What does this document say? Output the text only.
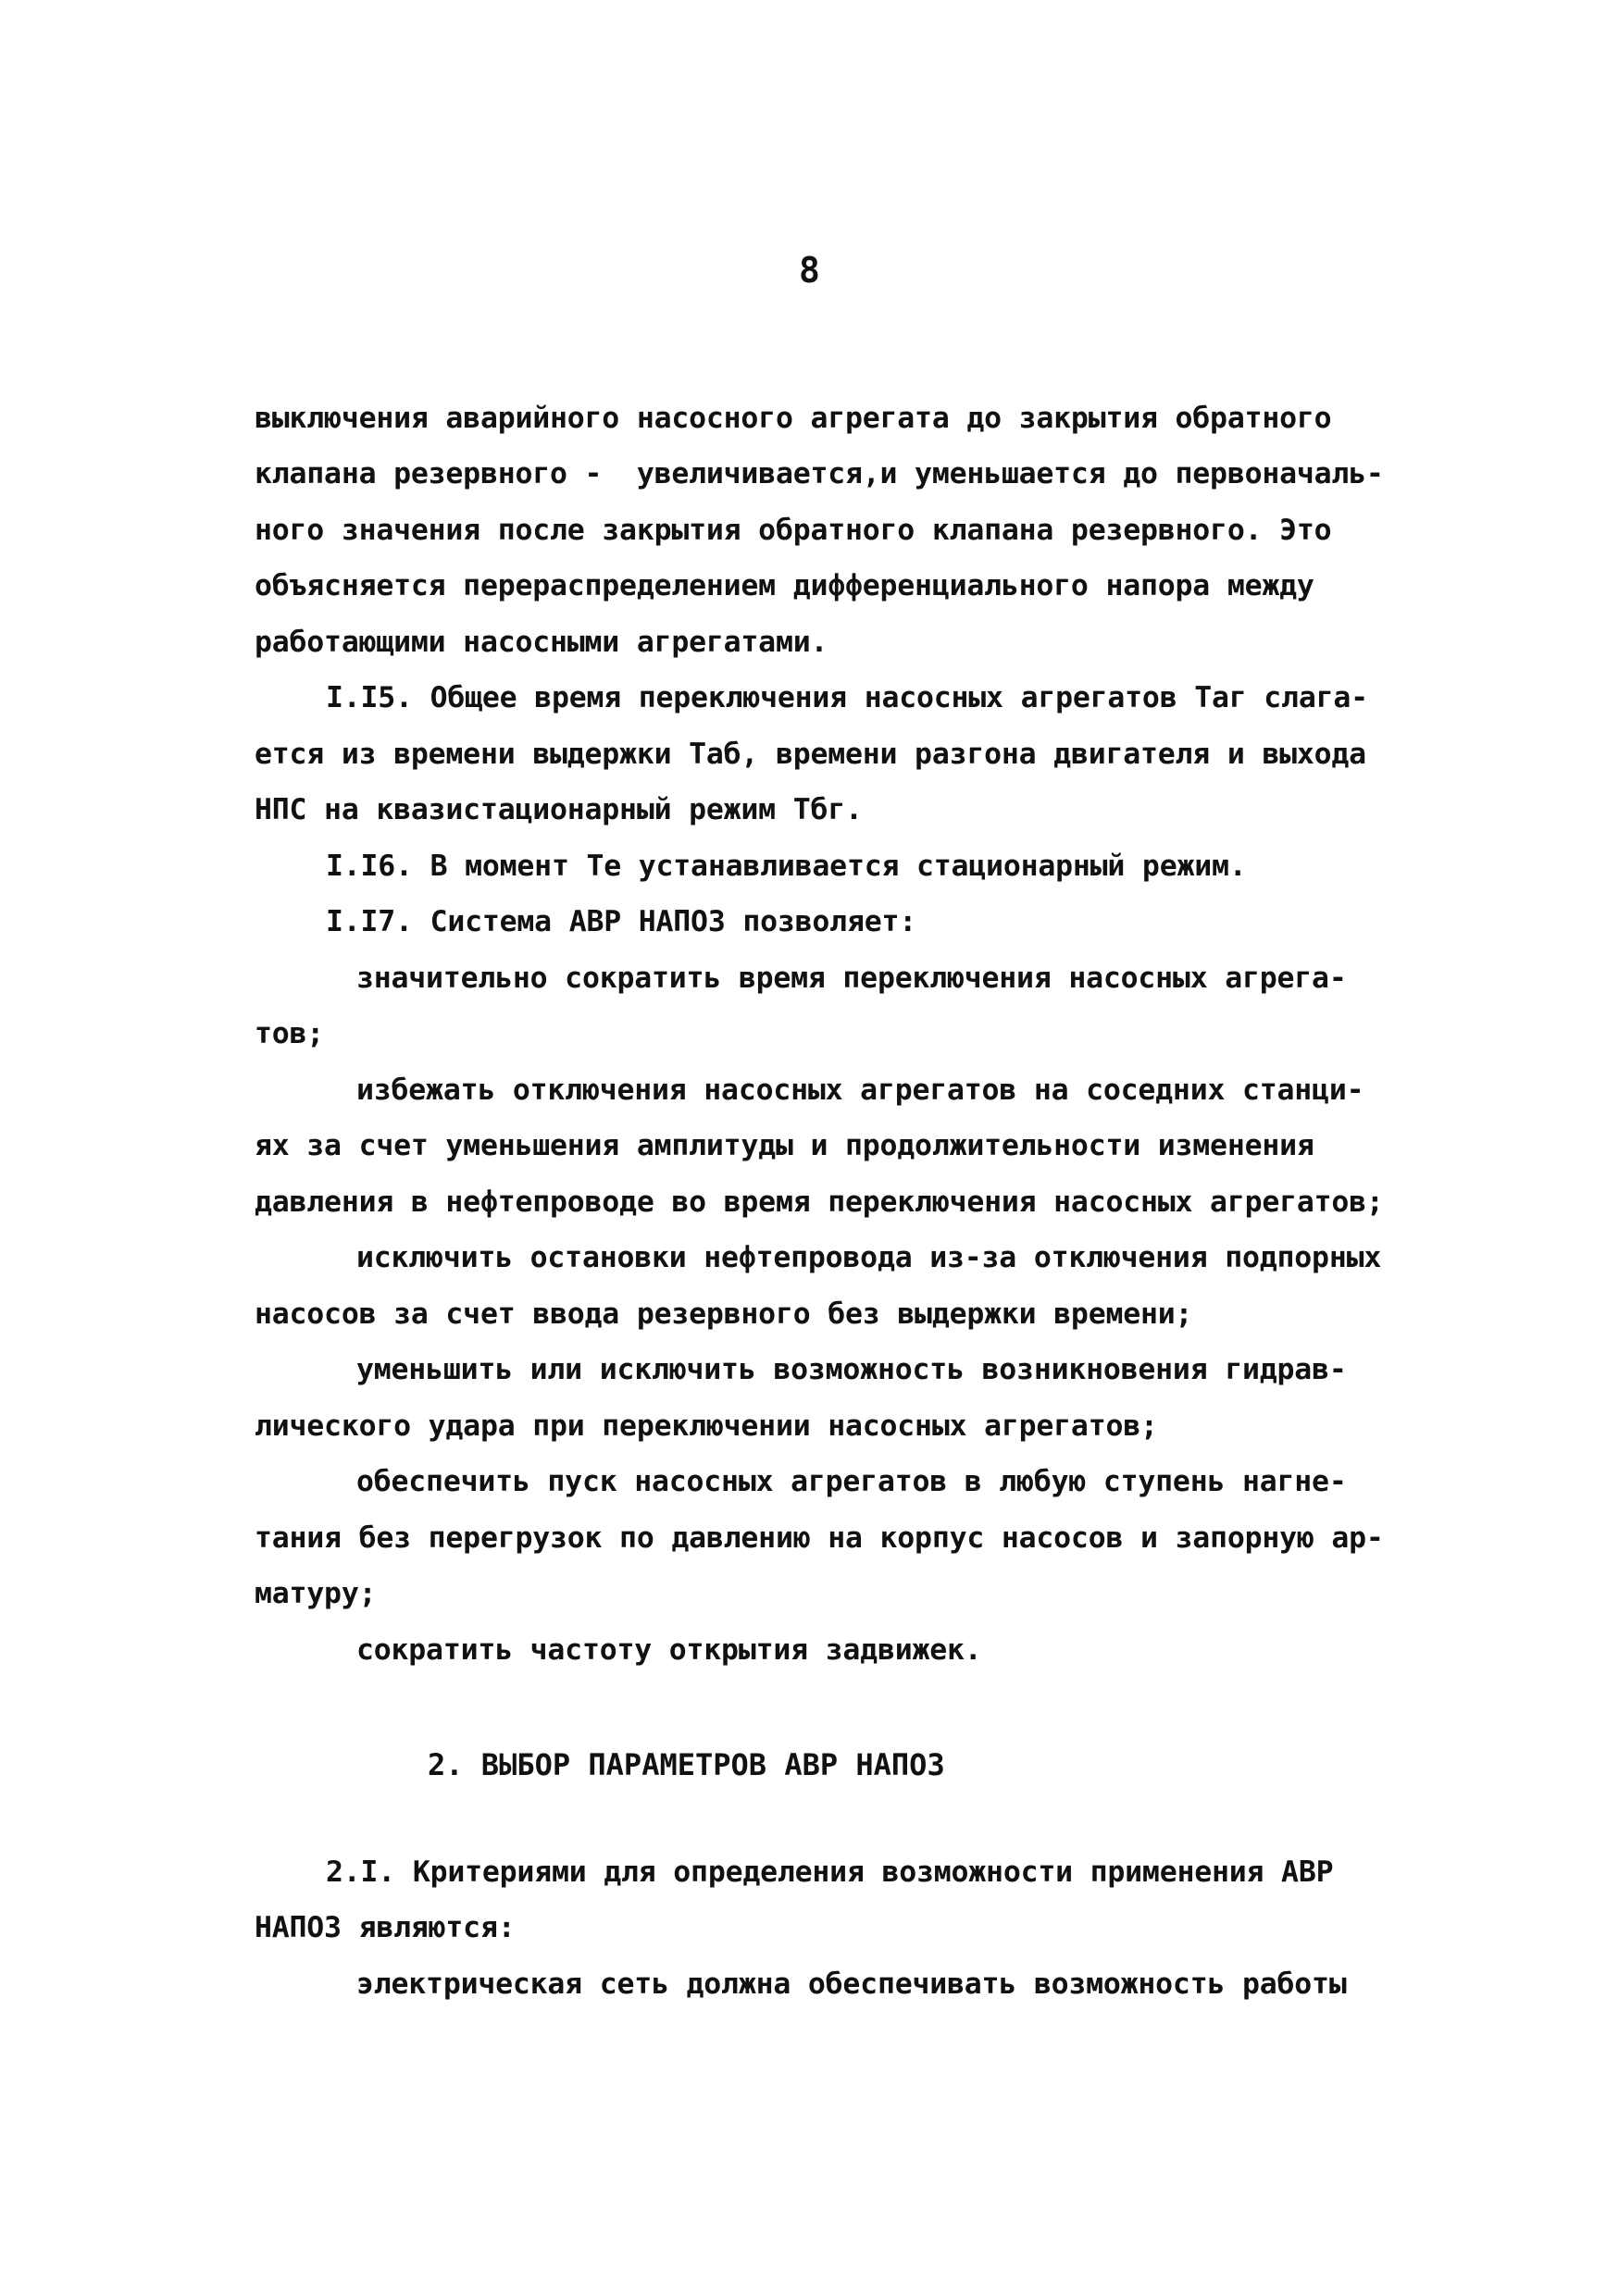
8
выключения аварийного насосного агрегата до закрытия обратного
клапана резервного -  увеличивается,и уменьшается до первоначаль-
ного значения после закрытия обратного клапана резервного. Это
объясняется перераспределением дифференциального напора между
работающими насосными агрегатами.
I.I5. Общее время переключения насосных агрегатов Таг слага-
ется из времени выдержки Таб, времени разгона двигателя и выхода
НПС на квазистационарный режим Тбг.
I.I6. В момент Те устанавливается стационарный режим.
I.I7. Система АВР НАПОЗ позволяет:
значительно сократить время переключения насосных агрега-
тов;
избежать отключения насосных агрегатов на соседних станци-
ях за счет уменьшения амплитуды и продолжительности изменения
давления в нефтепроводе во время переключения насосных агрегатов;
исключить остановки нефтепровода из-за отключения подпорных
насосов за счет ввода резервного без выдержки времени;
уменьшить или исключить возможность возникновения гидрав-
лического удара при переключении насосных агрегатов;
обеспечить пуск насосных агрегатов в любую ступень нагне-
тания без перегрузок по давлению на корпус насосов и запорную ар-
матуру;
сократить частоту открытия задвижек.
2. ВЫБОР ПАРАМЕТРОВ АВР НАПОЗ
2.I. Критериями для определения возможности применения АВР
НАПОЗ являются:
электрическая сеть должна обеспечивать возможность работы
